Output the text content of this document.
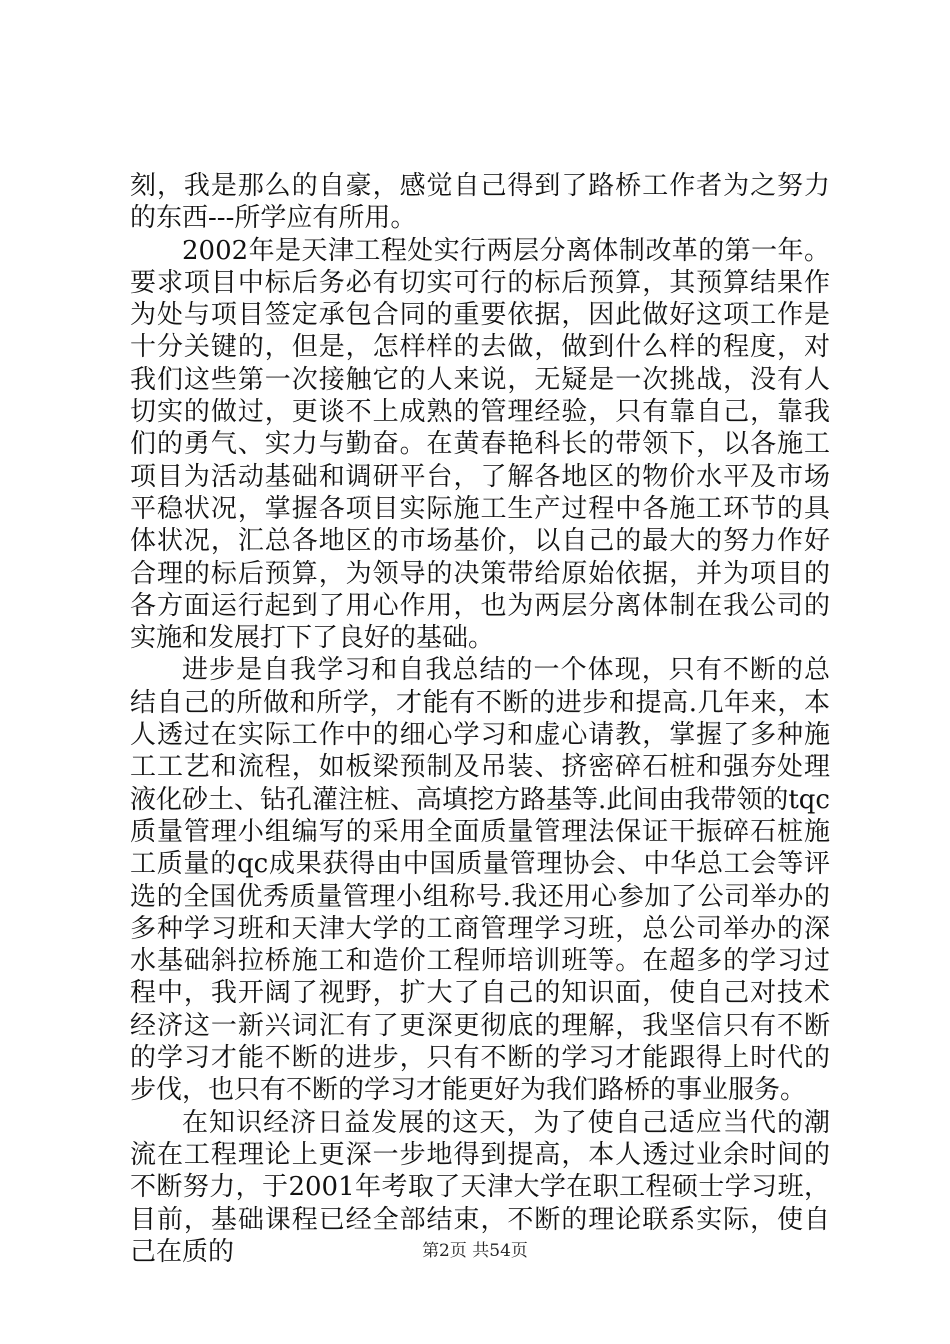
刻，我是那么的自豪，感觉自己得到了路桥工作者为之努力的东西---所学应有所用。

2002年是天津工程处实行两层分离体制改革的第一年。要求项目中标后务必有切实可行的标后预算，其预算结果作为处与项目签定承包合同的重要依据，因此做好这项工作是十分关键的，但是，怎样样的去做，做到什么样的程度，对我们这些第一次接触它的人来说，无疑是一次挑战，没有人切实的做过，更谈不上成熟的管理经验，只有靠自己，靠我们的勇气、实力与勤奋。在黄春艳科长的带领下，以各施工项目为活动基础和调研平台，了解各地区的物价水平及市场平稳状况，掌握各项目实际施工生产过程中各施工环节的具体状况，汇总各地区的市场基价，以自己的最大的努力作好合理的标后预算，为领导的决策带给原始依据，并为项目的各方面运行起到了用心作用，也为两层分离体制在我公司的实施和发展打下了良好的基础。

进步是自我学习和自我总结的一个体现，只有不断的总结自己的所做和所学，才能有不断的进步和提高.几年来，本人透过在实际工作中的细心学习和虚心请教，掌握了多种施工工艺和流程，如板梁预制及吊装、挤密碎石桩和强夯处理液化砂土、钻孔灌注桩、高填挖方路基等.此间由我带领的tqc质量管理小组编写的采用全面质量管理法保证干振碎石桩施工质量的qc成果获得由中国质量管理协会、中华总工会等评选的全国优秀质量管理小组称号.我还用心参加了公司举办的多种学习班和天津大学的工商管理学习班，总公司举办的深水基础斜拉桥施工和造价工程师培训班等。在超多的学习过程中，我开阔了视野，扩大了自己的知识面，使自己对技术经济这一新兴词汇有了更深更彻底的理解，我坚信只有不断的学习才能不断的进步，只有不断的学习才能跟得上时代的步伐，也只有不断的学习才能更好为我们路桥的事业服务。

在知识经济日益发展的这天，为了使自己适应当代的潮流在工程理论上更深一步地得到提高，本人透过业余时间的不断努力，于2001年考取了天津大学在职工程硕士学习班，目前，基础课程已经全部结束，不断的理论联系实际，使自己在质的	第2页 共54页
